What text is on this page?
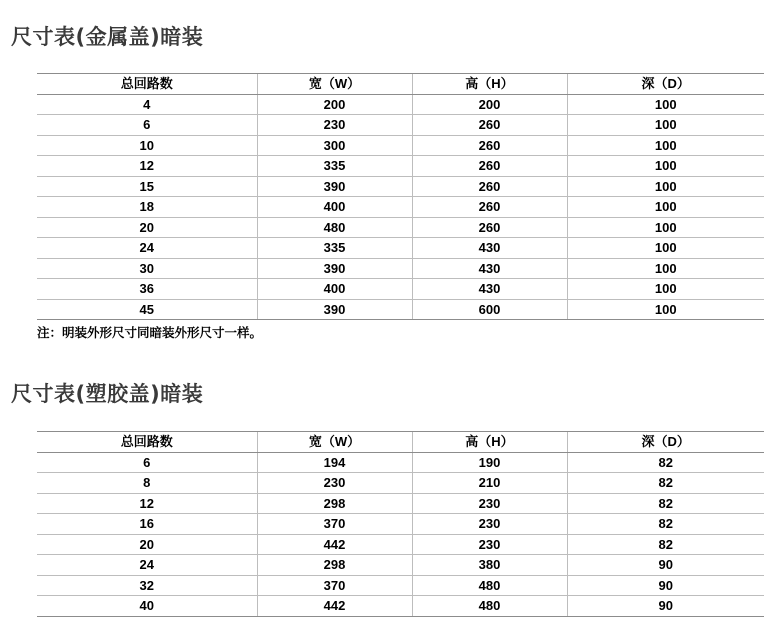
尺寸表(金属盖)暗装
总回路数	宽（W）	高（H）	深（D）
4	200	200	100
6	230	260	100
10	300	260	100
12	335	260	100
15	390	260	100
18	400	260	100
20	480	260	100
24	335	430	100
30	390	430	100
36	400	430	100
45	390	600	100
注：明装外形尺寸同暗装外形尺寸一样。
尺寸表(塑胶盖)暗装
总回路数	宽（W）	高（H）	深（D）
6	194	190	82
8	230	210	82
12	298	230	82
16	370	230	82
20	442	230	82
24	298	380	90
32	370	480	90
40	442	480	90
